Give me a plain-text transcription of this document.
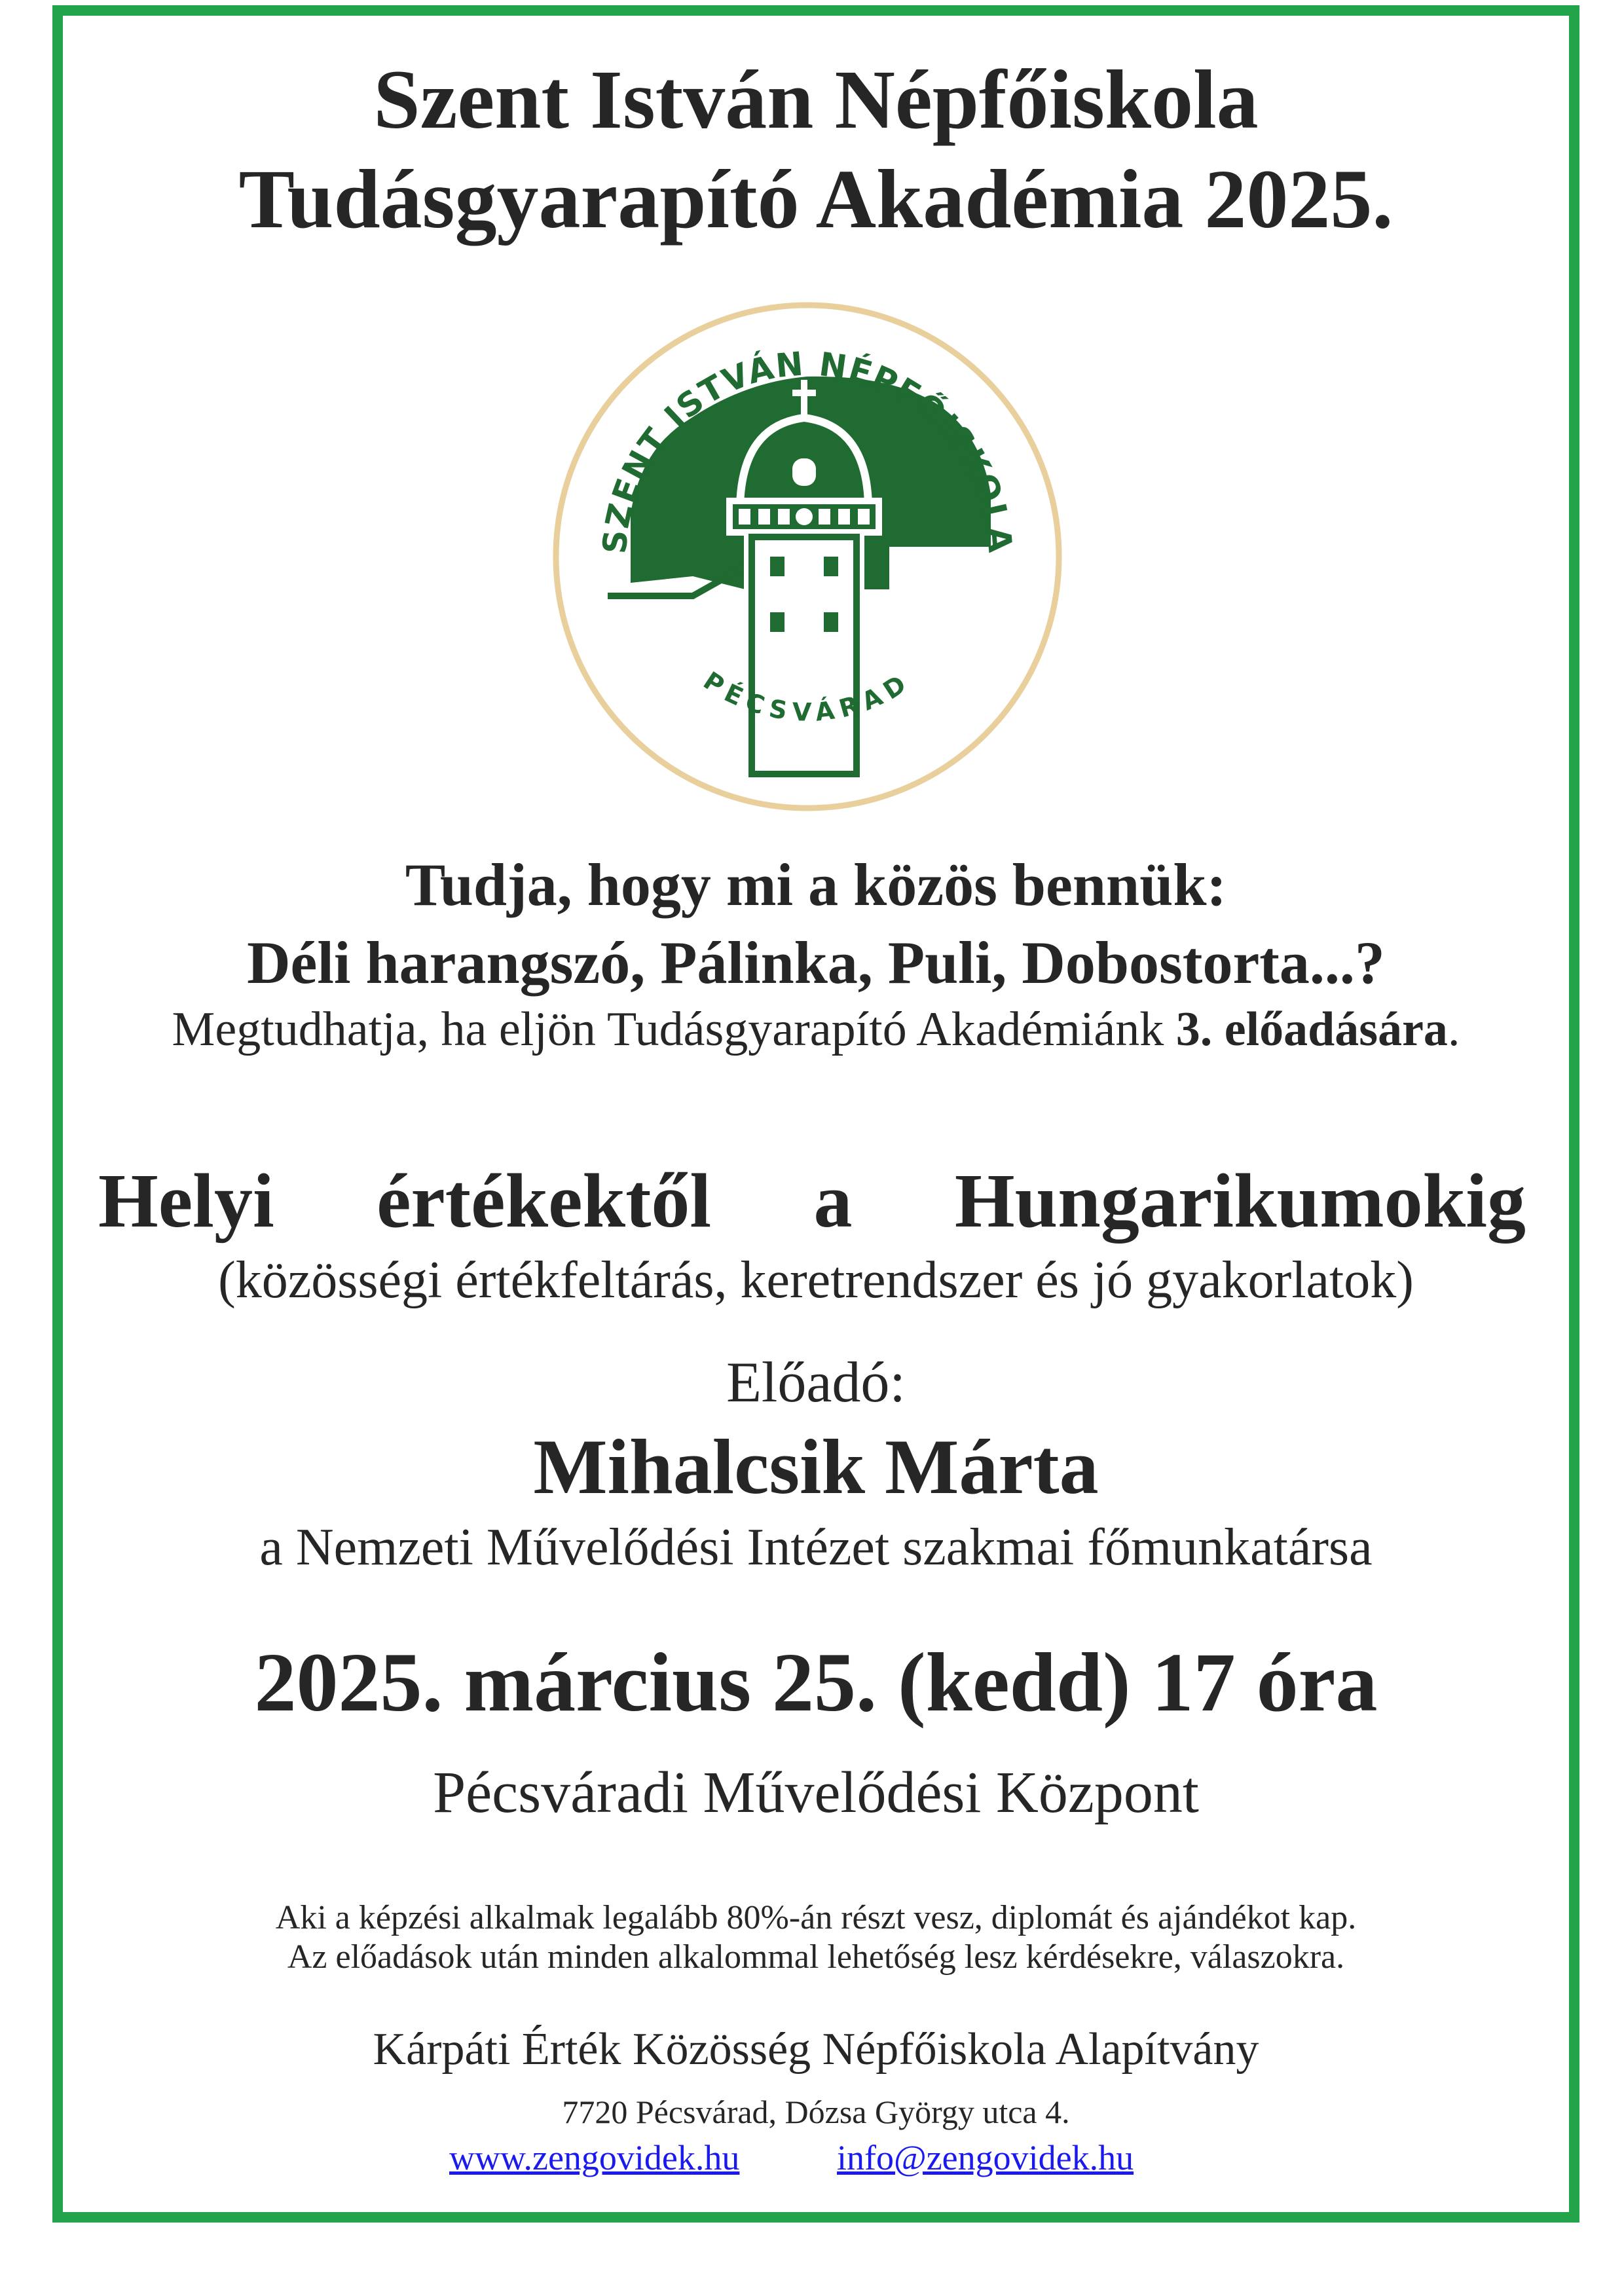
Szent István Népfőiskola
Tudásgyarapító Akadémia 2025.
SZENT ISTVÁN NÉPFŐISKOLA
PÉCSVÁRAD
Tudja, hogy mi a közös bennük:
Déli harangszó, Pálinka, Puli, Dobostorta...?
Megtudhatja, ha eljön Tudásgyarapító Akadémiánk 3. előadására.
Helyi értékektől a Hungarikumokig
(közösségi értékfeltárás, keretrendszer és jó gyakorlatok)
Előadó:
Mihalcsik Márta
a Nemzeti Művelődési Intézet szakmai főmunkatársa
2025. március 25. (kedd) 17 óra
Pécsváradi Művelődési Központ
Aki a képzési alkalmak legalább 80%-án részt vesz, diplomát és ajándékot kap.
Az előadások után minden alkalommal lehetőség lesz kérdésekre, válaszokra.
Kárpáti Érték Közösség Népfőiskola Alapítvány
7720 Pécsvárad, Dózsa György utca 4.
www.zengovidek.hu	info@zengovidek.hu
